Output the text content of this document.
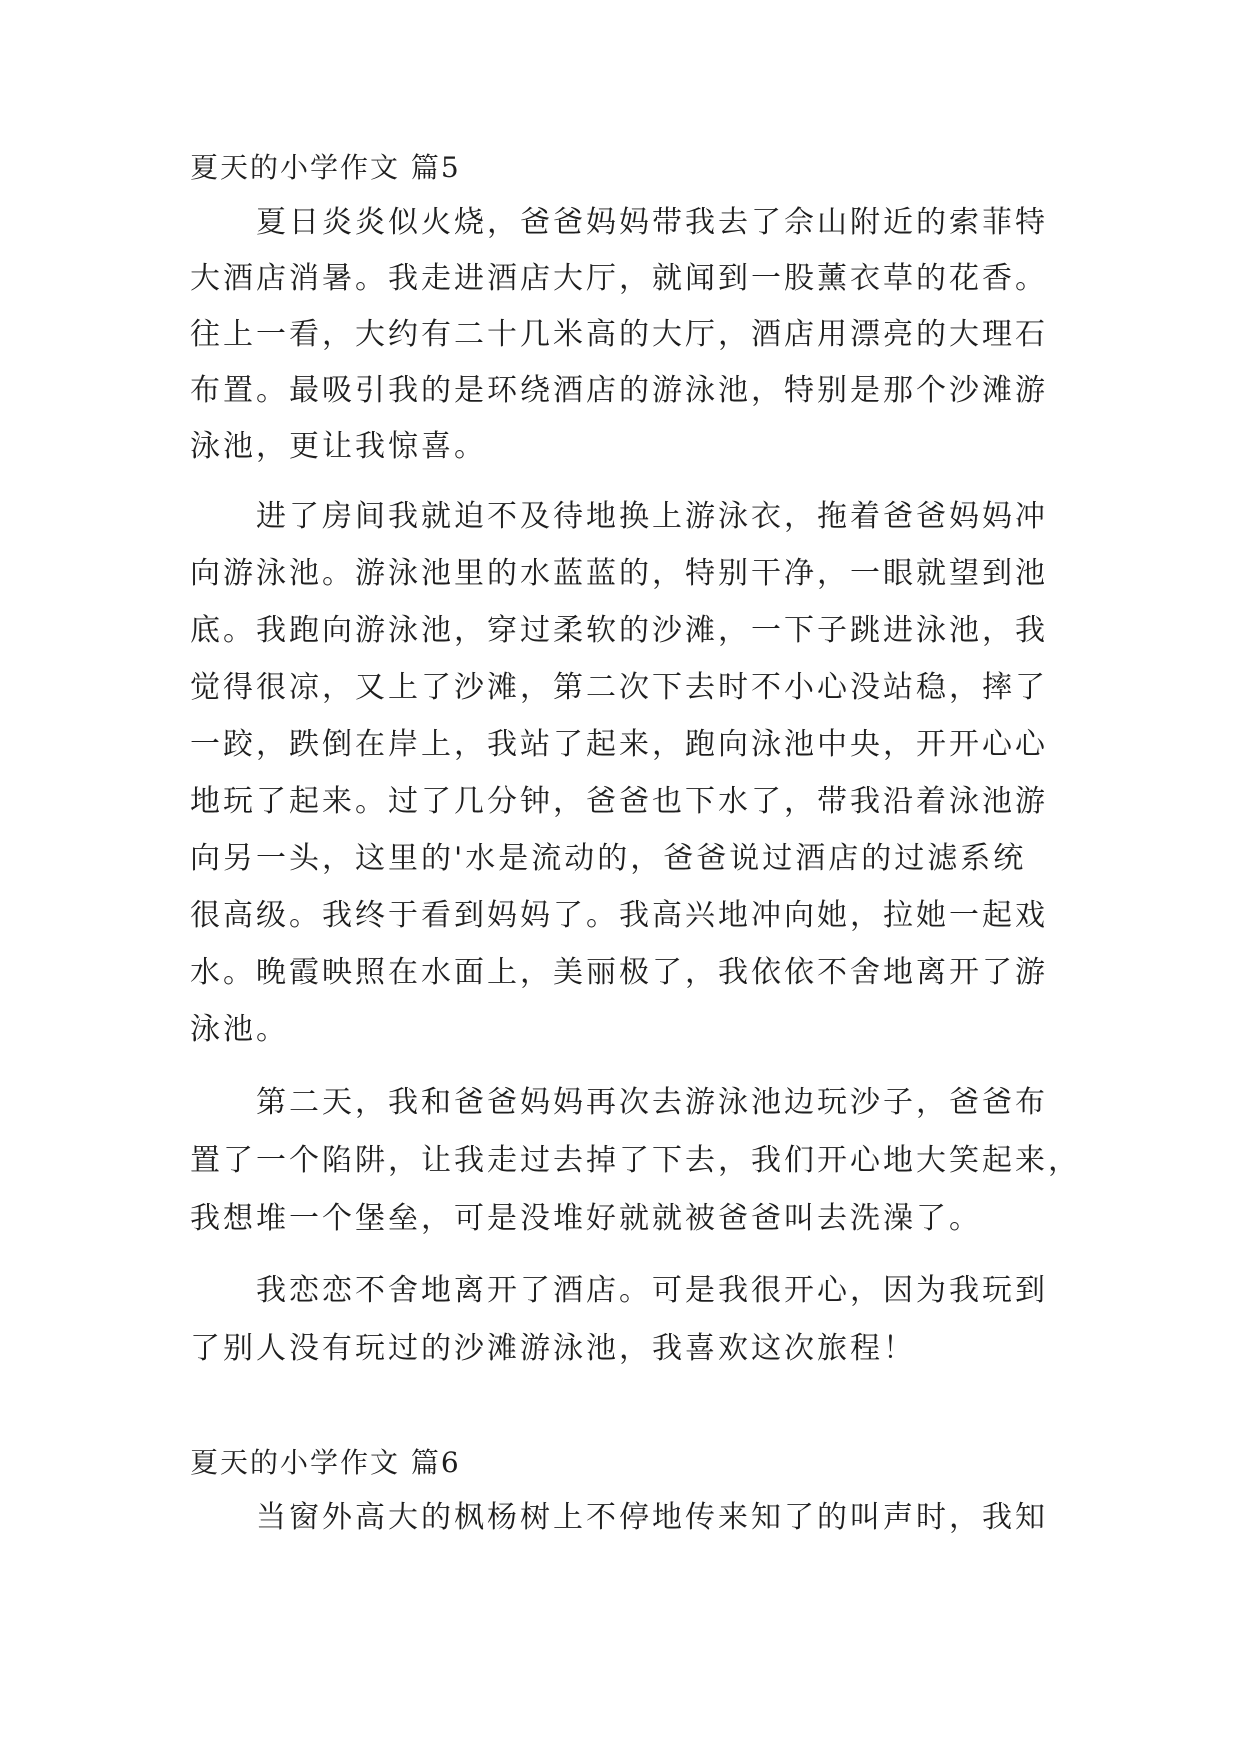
夏天的小学作文 篇5
夏日炎炎似火烧，爸爸妈妈带我去了佘山附近的索菲特
大酒店消暑。我走进酒店大厅，就闻到一股薰衣草的花香。
往上一看，大约有二十几米高的大厅，酒店用漂亮的大理石
布置。最吸引我的是环绕酒店的游泳池，特别是那个沙滩游
泳池，更让我惊喜。
进了房间我就迫不及待地换上游泳衣，拖着爸爸妈妈冲
向游泳池。游泳池里的水蓝蓝的，特别干净，一眼就望到池
底。我跑向游泳池，穿过柔软的沙滩，一下子跳进泳池，我
觉得很凉，又上了沙滩，第二次下去时不小心没站稳，摔了
一跤，跌倒在岸上，我站了起来，跑向泳池中央，开开心心
地玩了起来。过了几分钟，爸爸也下水了，带我沿着泳池游
向另一头，这里的'水是流动的，爸爸说过酒店的过滤系统
很高级。我终于看到妈妈了。我高兴地冲向她，拉她一起戏
水。晚霞映照在水面上，美丽极了，我依依不舍地离开了游
泳池。
第二天，我和爸爸妈妈再次去游泳池边玩沙子，爸爸布
置了一个陷阱，让我走过去掉了下去，我们开心地大笑起来，
我想堆一个堡垒，可是没堆好就就被爸爸叫去洗澡了。
我恋恋不舍地离开了酒店。可是我很开心，因为我玩到
了别人没有玩过的沙滩游泳池，我喜欢这次旅程！
夏天的小学作文 篇6
当窗外高大的枫杨树上不停地传来知了的叫声时，我知
